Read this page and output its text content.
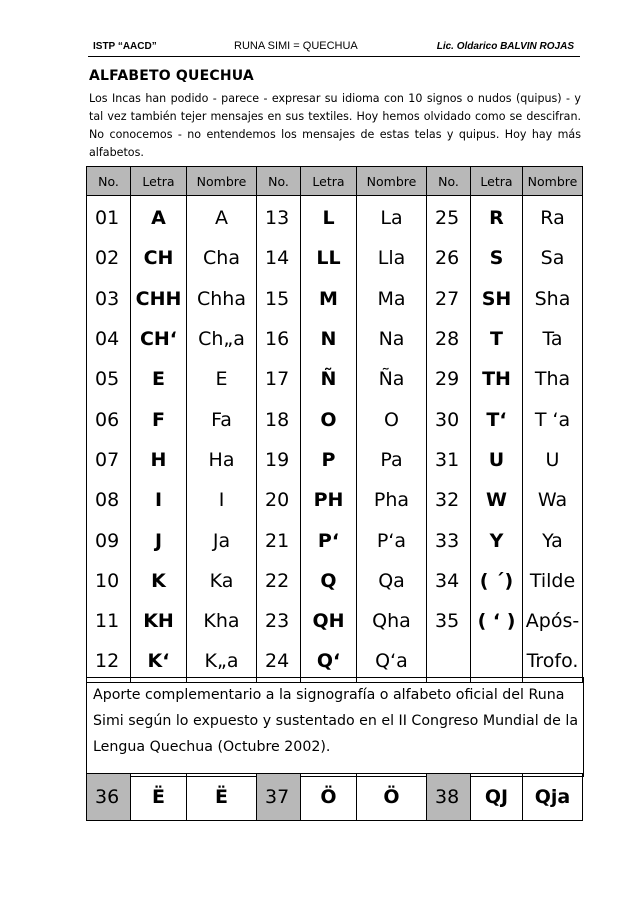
ISTP “AACD”	RUNA SIMI = QUECHUA	Lic. Oldarico BALVIN ROJAS
ALFABETO QUECHUA
Los Incas han podido - parece - expresar su idioma con 10 signos o nudos (quipus) - y tal vez también tejer mensajes en sus textiles. Hoy hemos olvidado como se descifran. No conocemos - no entendemos los mensajes de estas telas y quipus. Hoy hay más alfabetos.
No.	Letra	Nombre	No.	Letra	Nombre	No.	Letra	Nombre
01	A	A	13	L	La	25	R	Ra
02	CH	Cha	14	LL	Lla	26	S	Sa
03	CHH	Chha	15	M	Ma	27	SH	Sha
04	CH‘	Ch„a	16	N	Na	28	T	Ta
05	E	E	17	Ñ	Ña	29	TH	Tha
06	F	Fa	18	O	O	30	T‘	T ‘a
07	H	Ha	19	P	Pa	31	U	U
08	I	I	20	PH	Pha	32	W	Wa
09	J	Ja	21	P‘	P‘a	33	Y	Ya
10	K	Ka	22	Q	Qa	34	( ´)	Tilde
11	KH	Kha	23	QH	Qha	35	( ‘ )	Após-
12	K‘	K„a	24	Q‘	Q‘a			Trofo.
Aporte complementario a la signografía o alfabeto oficial del Runa Simi según lo expuesto y sustentado en el II Congreso Mundial de la Lengua Quechua (Octubre 2002).
36	Ë	Ë	37	Ö	Ö	38	QJ	Qja
